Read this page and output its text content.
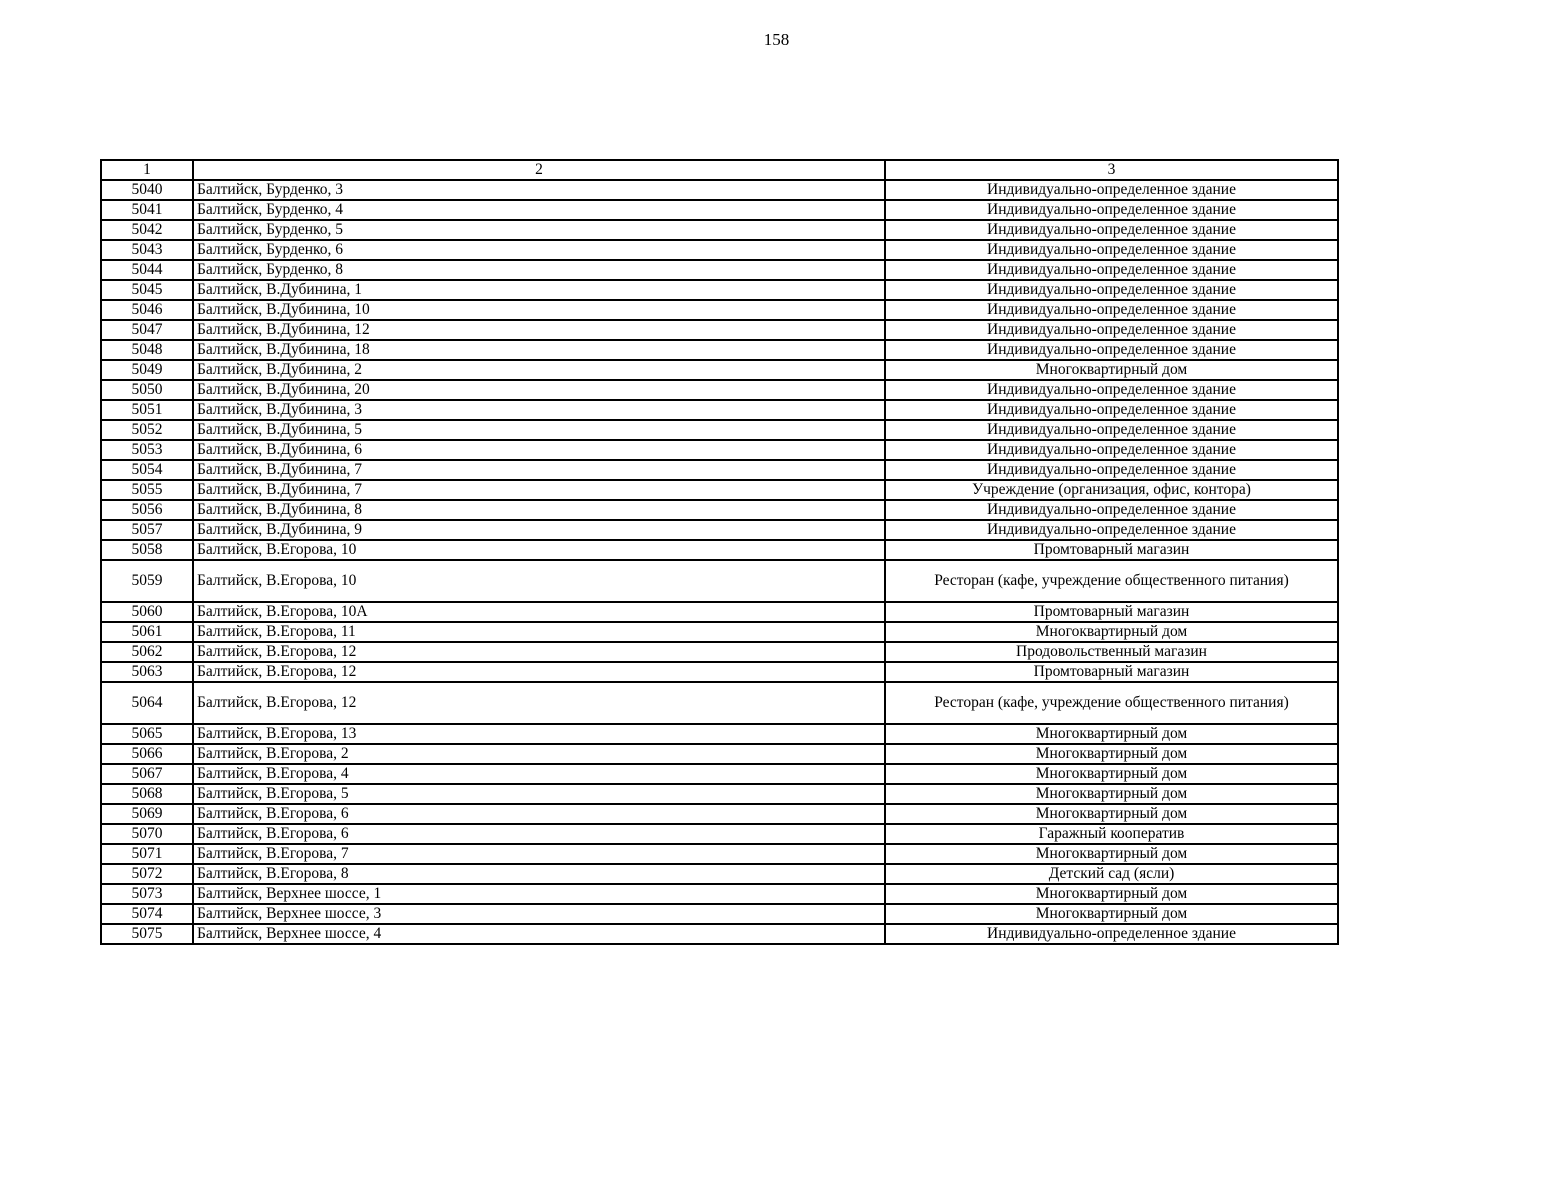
158
1	2	3
5040	Балтийск, Бурденко, 3	Индивидуально-определенное здание
5041	Балтийск, Бурденко, 4	Индивидуально-определенное здание
5042	Балтийск, Бурденко, 5	Индивидуально-определенное здание
5043	Балтийск, Бурденко, 6	Индивидуально-определенное здание
5044	Балтийск, Бурденко, 8	Индивидуально-определенное здание
5045	Балтийск, В.Дубинина, 1	Индивидуально-определенное здание
5046	Балтийск, В.Дубинина, 10	Индивидуально-определенное здание
5047	Балтийск, В.Дубинина, 12	Индивидуально-определенное здание
5048	Балтийск, В.Дубинина, 18	Индивидуально-определенное здание
5049	Балтийск, В.Дубинина, 2	Многоквартирный дом
5050	Балтийск, В.Дубинина, 20	Индивидуально-определенное здание
5051	Балтийск, В.Дубинина, 3	Индивидуально-определенное здание
5052	Балтийск, В.Дубинина, 5	Индивидуально-определенное здание
5053	Балтийск, В.Дубинина, 6	Индивидуально-определенное здание
5054	Балтийск, В.Дубинина, 7	Индивидуально-определенное здание
5055	Балтийск, В.Дубинина, 7	Учреждение (организация, офис, контора)
5056	Балтийск, В.Дубинина, 8	Индивидуально-определенное здание
5057	Балтийск, В.Дубинина, 9	Индивидуально-определенное здание
5058	Балтийск, В.Егорова, 10	Промтоварный магазин
5059	Балтийск, В.Егорова, 10	Ресторан (кафе, учреждение общественного питания)
5060	Балтийск, В.Егорова, 10А	Промтоварный магазин
5061	Балтийск, В.Егорова, 11	Многоквартирный дом
5062	Балтийск, В.Егорова, 12	Продовольственный магазин
5063	Балтийск, В.Егорова, 12	Промтоварный магазин
5064	Балтийск, В.Егорова, 12	Ресторан (кафе, учреждение общественного питания)
5065	Балтийск, В.Егорова, 13	Многоквартирный дом
5066	Балтийск, В.Егорова, 2	Многоквартирный дом
5067	Балтийск, В.Егорова, 4	Многоквартирный дом
5068	Балтийск, В.Егорова, 5	Многоквартирный дом
5069	Балтийск, В.Егорова, 6	Многоквартирный дом
5070	Балтийск, В.Егорова, 6	Гаражный кооператив
5071	Балтийск, В.Егорова, 7	Многоквартирный дом
5072	Балтийск, В.Егорова, 8	Детский сад (ясли)
5073	Балтийск, Верхнее шоссе, 1	Многоквартирный дом
5074	Балтийск, Верхнее шоссе, 3	Многоквартирный дом
5075	Балтийск, Верхнее шоссе, 4	Индивидуально-определенное здание
